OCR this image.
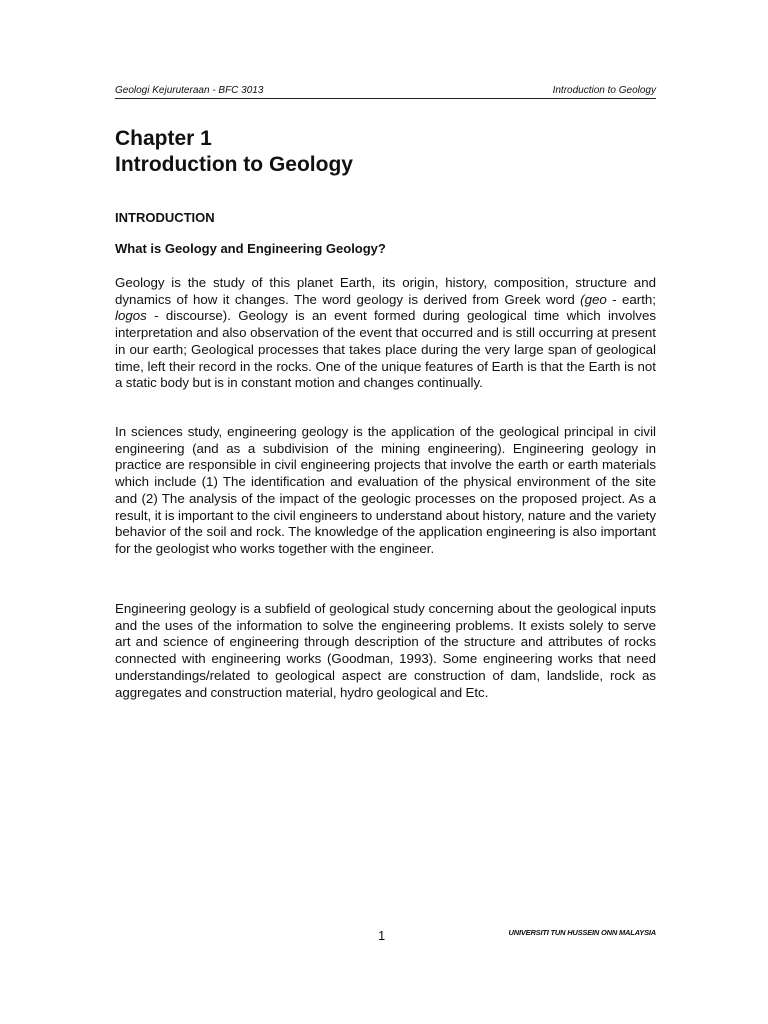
Geologi Kejuruteraan - BFC 3013	Introduction to Geology
Chapter 1
Introduction to Geology
INTRODUCTION
What is Geology and Engineering Geology?

Geology is the study of this planet Earth, its origin, history, composition, structure and dynamics of how it changes. The word geology is derived from Greek word (geo - earth; logos - discourse). Geology is an event formed during geological time which involves interpretation and also observation of the event that occurred and is still occurring at present in our earth; Geological processes that takes place during the very large span of geological time, left their record in the rocks. One of the unique features of Earth is that the Earth is not a static body but is in constant motion and changes continually.

In sciences study, engineering geology is the application of the geological principal in civil engineering (and as a subdivision of the mining engineering). Engineering geology in practice are responsible in civil engineering projects that involve the earth or earth materials which include (1) The identification and evaluation of the physical environment of the site and (2) The analysis of the impact of the geologic processes on the proposed project. As a result, it is important to the civil engineers to understand about history, nature and the variety behavior of the soil and rock. The knowledge of the application engineering is also important for the geologist who works together with the engineer.

Engineering geology is a subfield of geological study concerning about the geological inputs and the uses of the information to solve the engineering problems. It exists solely to serve art and science of engineering through description of the structure and attributes of rocks connected with engineering works (Goodman, 1993). Some engineering works that need understandings/related to geological aspect are construction of dam, landslide, rock as aggregates and construction material, hydro geological and Etc.

1	UNIVERSITI TUN HUSSEIN ONN MALAYSIA
